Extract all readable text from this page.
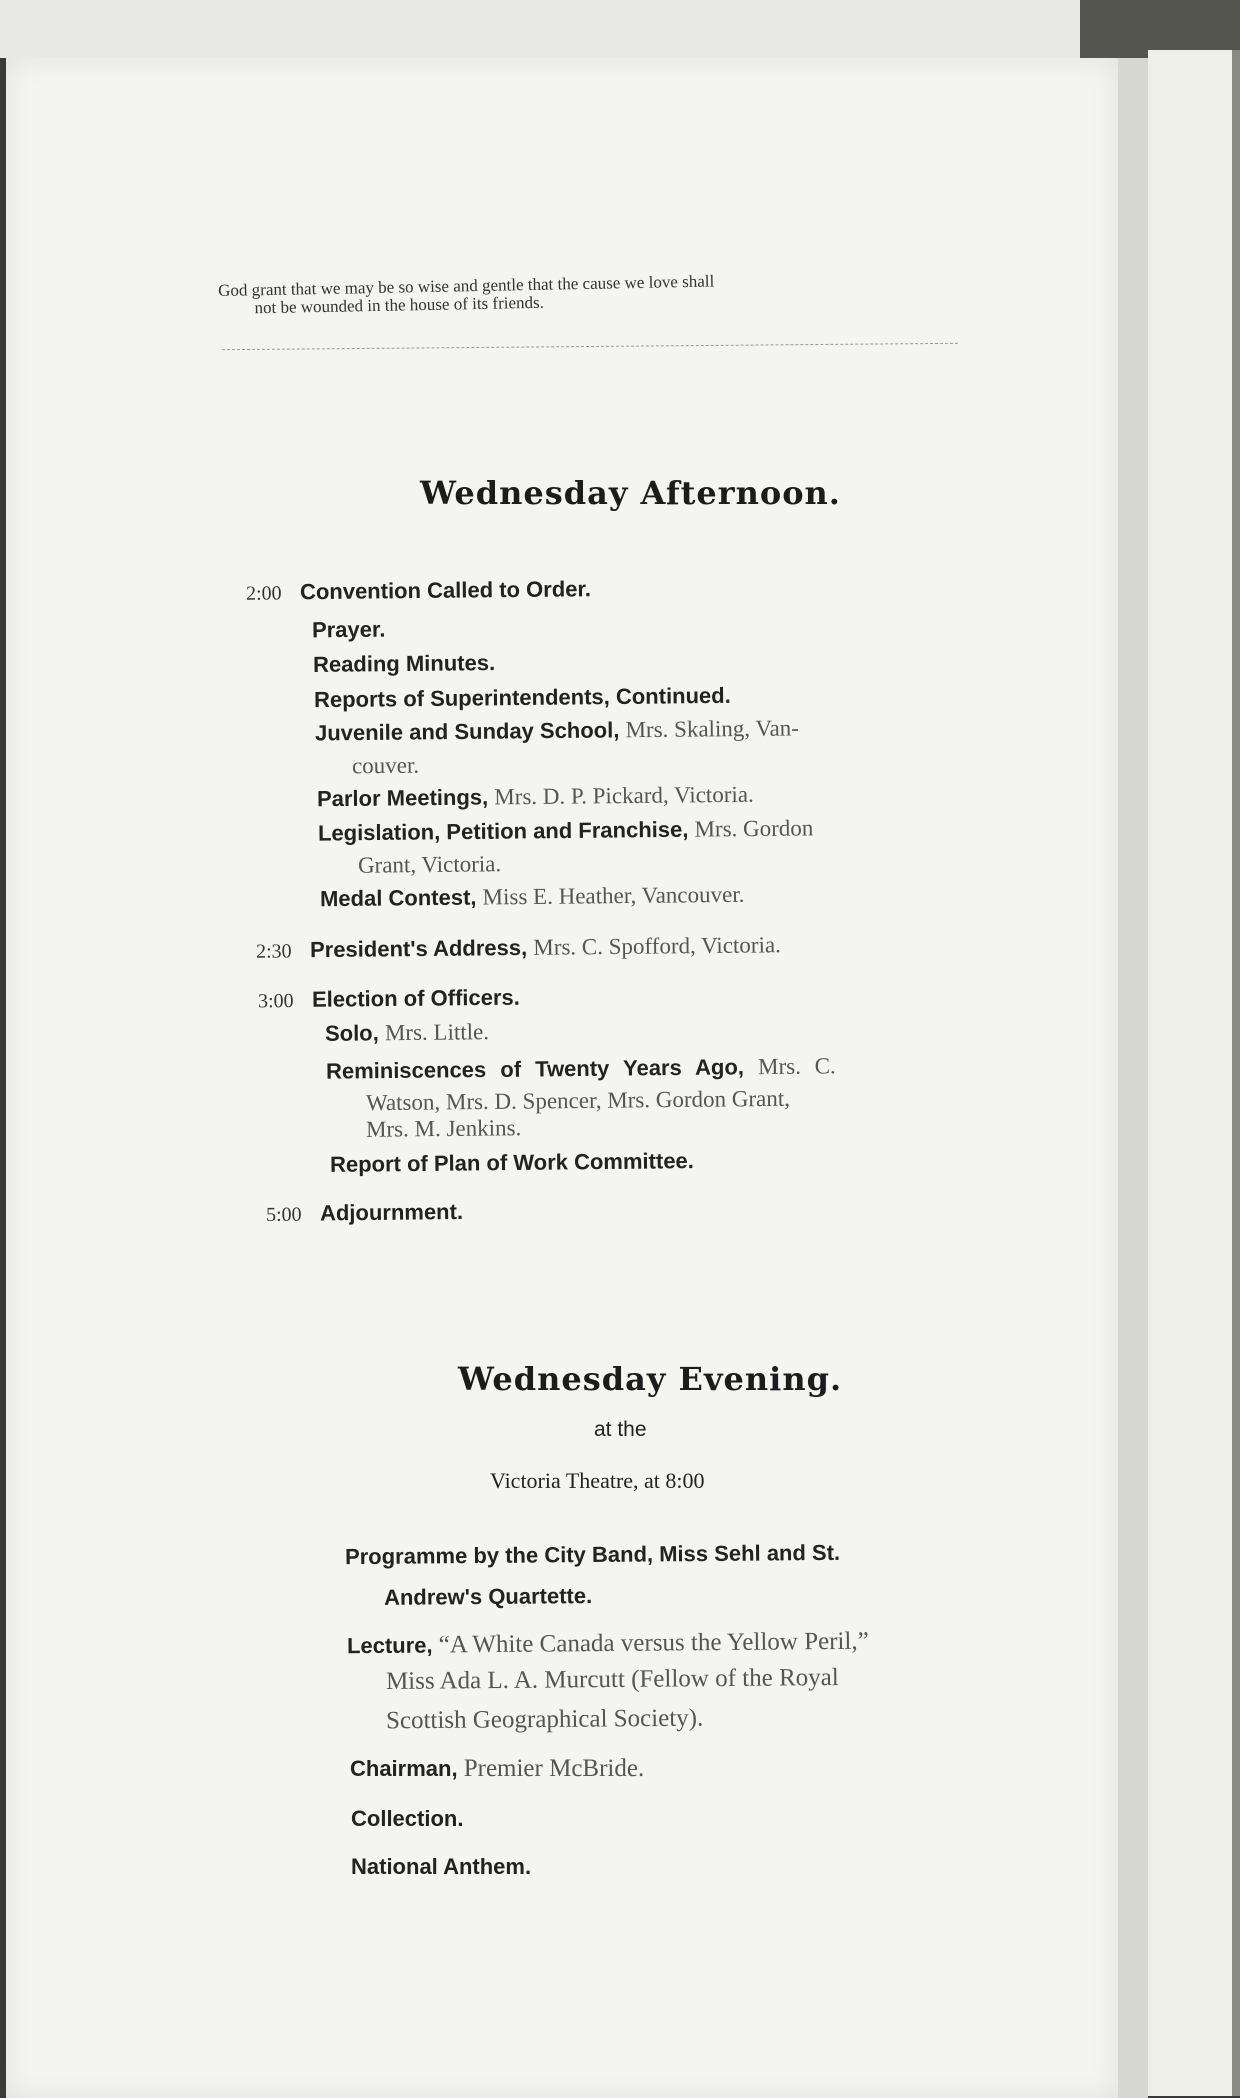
God grant that we may be so wise and gentle that the cause we love shall
not be wounded in the house of its friends.
Wednesday Afternoon.
2:00 Convention Called to Order.
Prayer.
Reading Minutes.
Reports of Superintendents, Continued.
Juvenile and Sunday School, Mrs. Skaling, Van-
couver.
Parlor Meetings, Mrs. D. P. Pickard, Victoria.
Legislation, Petition and Franchise, Mrs. Gordon
Grant, Victoria.
Medal Contest, Miss E. Heather, Vancouver.
2:30 President's Address, Mrs. C. Spofford, Victoria.
3:00 Election of Officers.
Solo, Mrs. Little.
Reminiscences of Twenty Years Ago, Mrs. C.
Watson, Mrs. D. Spencer, Mrs. Gordon Grant,
Mrs. M. Jenkins.
Report of Plan of Work Committee.
5:00 Adjournment.
Wednesday Evening.
at the
Victoria Theatre, at 8:00
Programme by the City Band, Miss Sehl and St.
Andrew's Quartette.
Lecture, “A White Canada versus the Yellow Peril,”
Miss Ada L. A. Murcutt (Fellow of the Royal
Scottish Geographical Society).
Chairman, Premier McBride.
Collection.
National Anthem.
